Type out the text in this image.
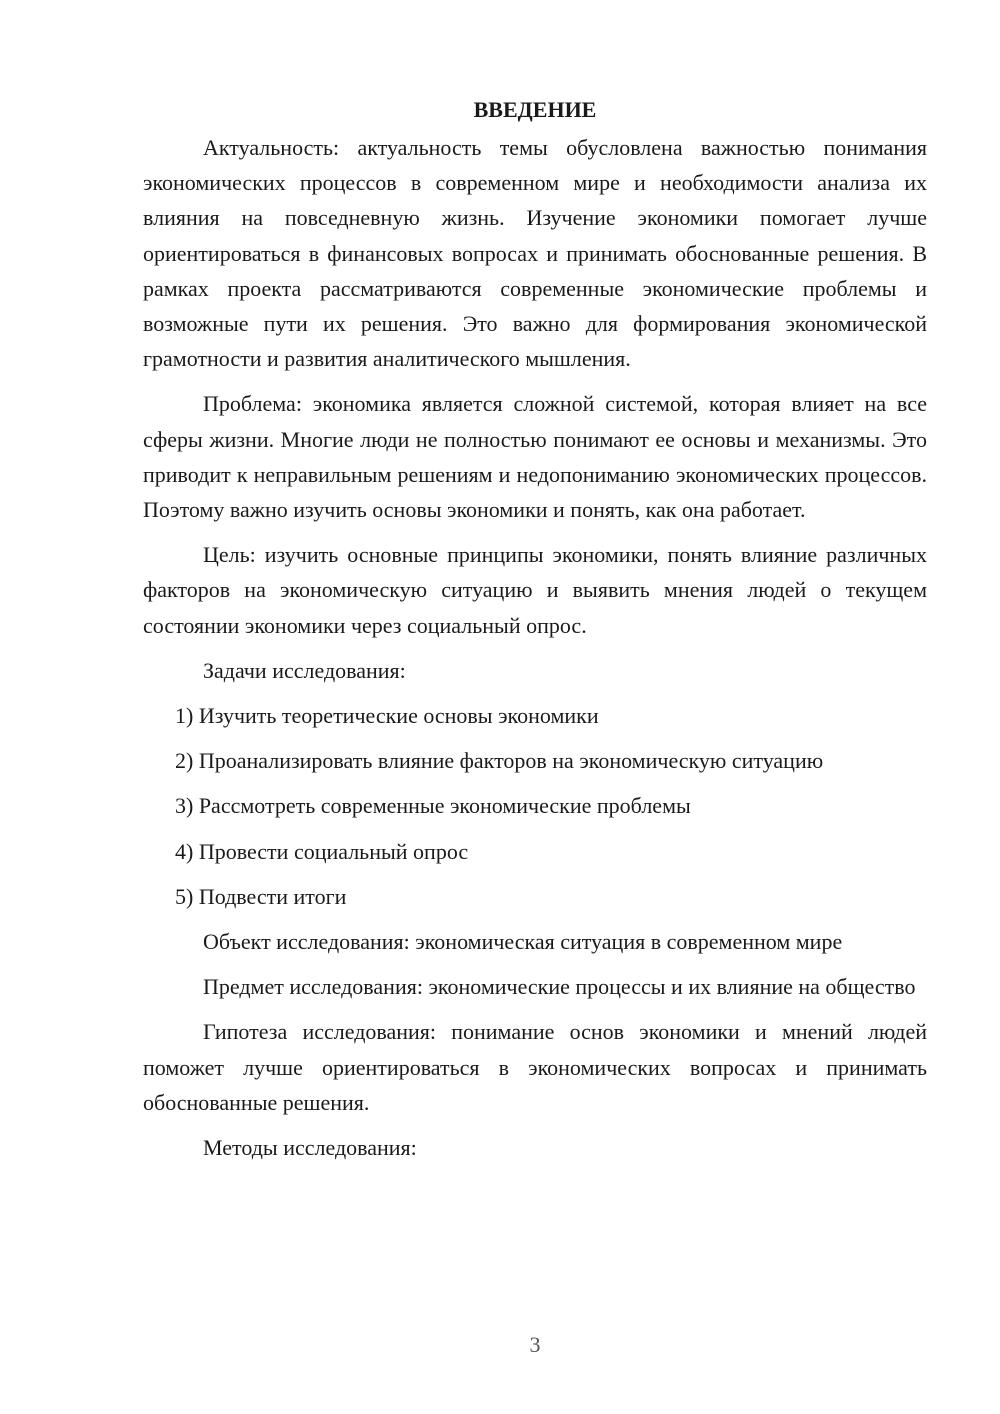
ВВЕДЕНИЕ

Актуальность: актуальность темы обусловлена важностью понимания экономических процессов в современном мире и необходимости анализа их влияния на повседневную жизнь. Изучение экономики помогает лучше ориентироваться в финансовых вопросах и принимать обоснованные решения. В рамках проекта рассматриваются современные экономические проблемы и возможные пути их решения. Это важно для формирования экономической грамотности и развития аналитического мышления.

Проблема: экономика является сложной системой, которая влияет на все сферы жизни. Многие люди не полностью понимают ее основы и механизмы. Это приводит к неправильным решениям и недопониманию экономических процессов. Поэтому важно изучить основы экономики и понять, как она работает.

Цель: изучить основные принципы экономики, понять влияние различных факторов на экономическую ситуацию и выявить мнения людей о текущем состоянии экономики через социальный опрос.

Задачи исследования:

1) Изучить теоретические основы экономики

2) Проанализировать влияние факторов на экономическую ситуацию

3) Рассмотреть современные экономические проблемы

4) Провести социальный опрос

5) Подвести итоги

Объект исследования: экономическая ситуация в современном мире

Предмет исследования: экономические процессы и их влияние на общество

Гипотеза исследования: понимание основ экономики и мнений людей поможет лучше ориентироваться в экономических вопросах и принимать обоснованные решения.

Методы исследования:

3
